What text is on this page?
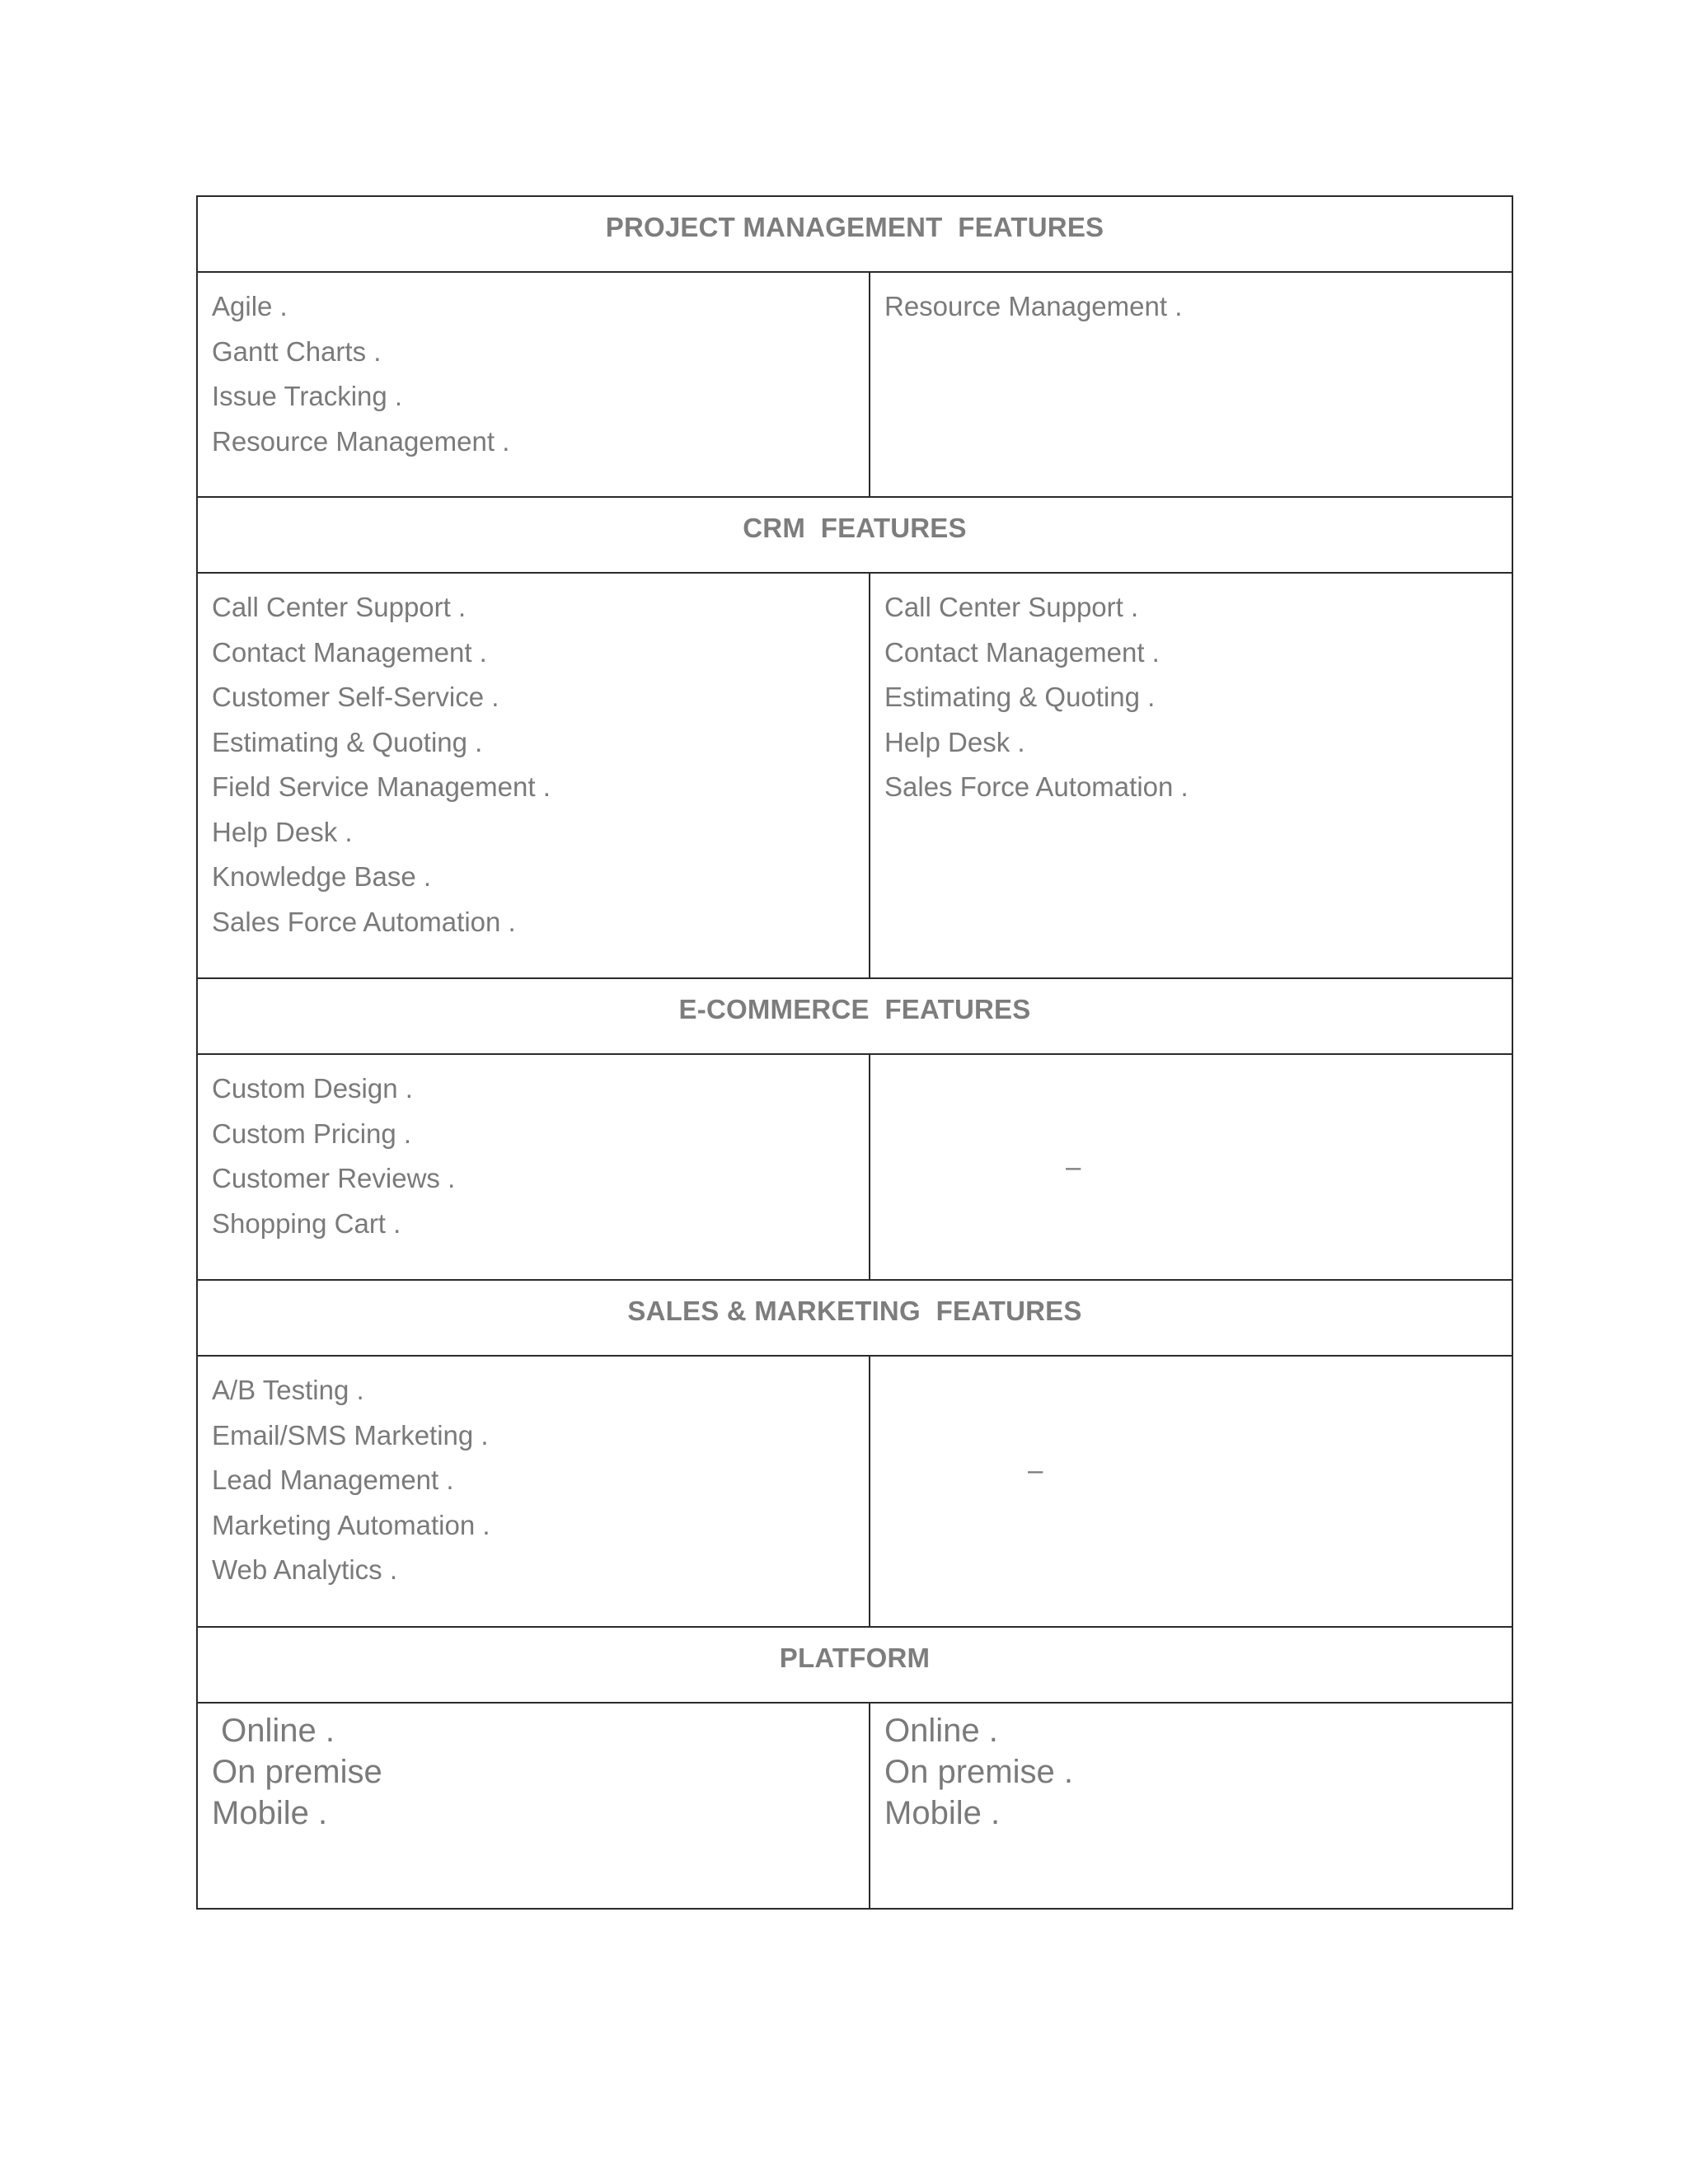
PROJECT MANAGEMENT  FEATURES
Agile .
Gantt Charts .
Issue Tracking .
Resource Management .
Resource Management .
CRM  FEATURES
Call Center Support .
Contact Management .
Customer Self-Service .
Estimating & Quoting .
Field Service Management .
Help Desk .
Knowledge Base .
Sales Force Automation .
Call Center Support .
Contact Management .
Estimating & Quoting .
Help Desk .
Sales Force Automation .
E-COMMERCE  FEATURES
Custom Design .
Custom Pricing .
Customer Reviews .
Shopping Cart .
–
SALES & MARKETING  FEATURES
A/B Testing .
Email/SMS Marketing .
Lead Management .
Marketing Automation .
Web Analytics .
–
PLATFORM
Online .
On premise
Mobile .
Online .
On premise .
Mobile .
